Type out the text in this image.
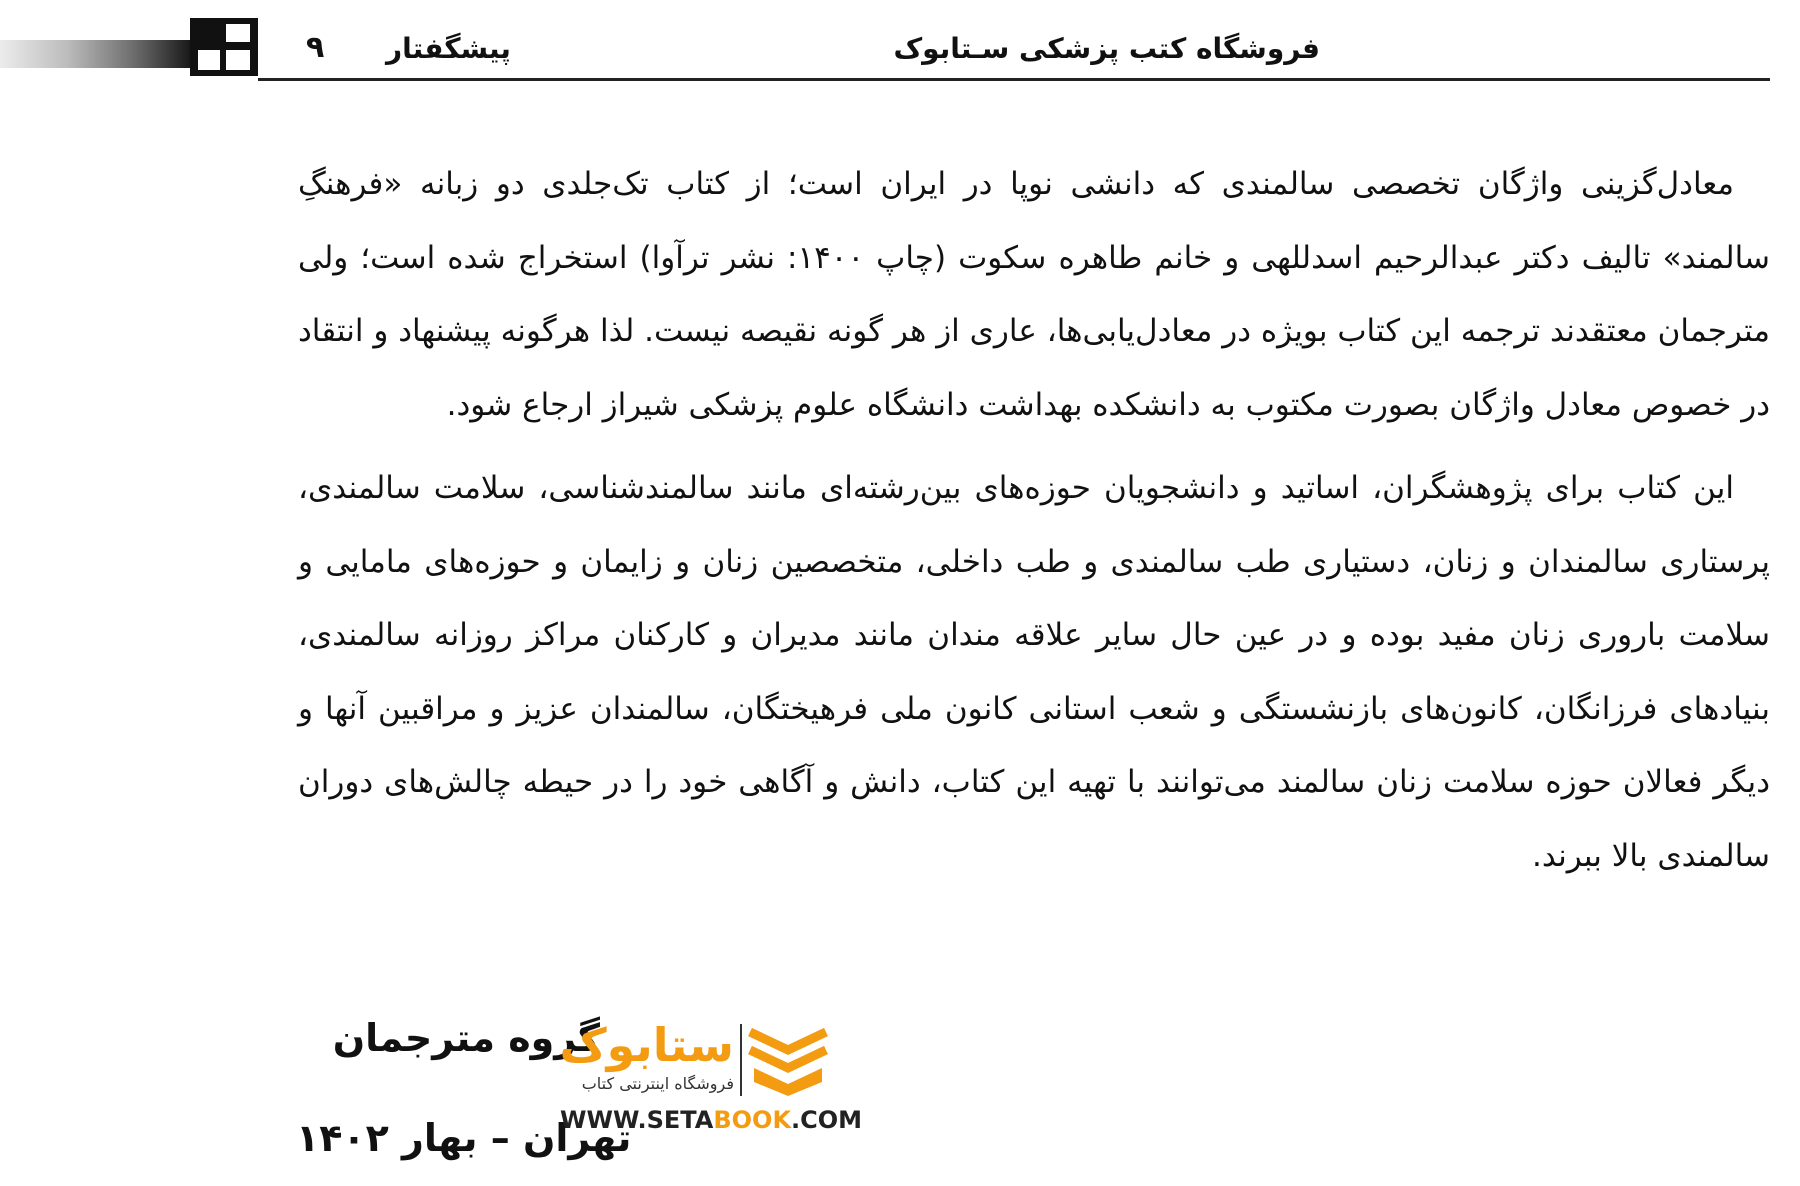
۹ پیشگفتار	فروشگاه کتب پزشکی سـتابوک

معادل‌گزینی واژگان تخصصی سالمندی که دانشی نوپا در ایران است؛ از کتاب تک‌جلدی دو زبانه «فرهنگِ سالمند» تالیف دکتر عبدالرحیم اسدللهی و خانم طاهره سکوت (چاپ ۱۴۰۰: نشر ترآوا) استخراج شده است؛ ولی مترجمان معتقدند ترجمه این کتاب بویژه در معادل‌یابی‌ها، عاری از هر گونه نقیصه نیست. لذا هرگونه پیشنهاد و انتقاد در خصوص معادل واژگان بصورت مکتوب به دانشکده بهداشت دانشگاه علوم پزشکی شیراز ارجاع شود.

این کتاب برای پژوهشگران، اساتید و دانشجویان حوزه‌های بین‌رشته‌ای مانند سالمندشناسی، سلامت سالمندی، پرستاری سالمندان و زنان، دستیاری طب سالمندی و طب داخلی، متخصصین زنان و زایمان و حوزه‌های مامایی و سلامت باروری زنان مفید بوده و در عین حال سایر علاقه مندان مانند مدیران و کارکنان مراکز روزانه سالمندی، بنیادهای فرزانگان، کانون‌های بازنشستگی و شعب استانی کانون ملی فرهیختگان، سالمندان عزیز و مراقبین آنها و دیگر فعالان حوزه سلامت زنان سالمند می‌توانند با تهیه این کتاب، دانش و آگاهی خود را در حیطه چالش‌های دوران سالمندی بالا ببرند.

گروه مترجمان
تهران – بهار ۱۴۰۲
ستابوک
فروشگاه اینترنتی کتاب
WWW.SETABOOK.COM
